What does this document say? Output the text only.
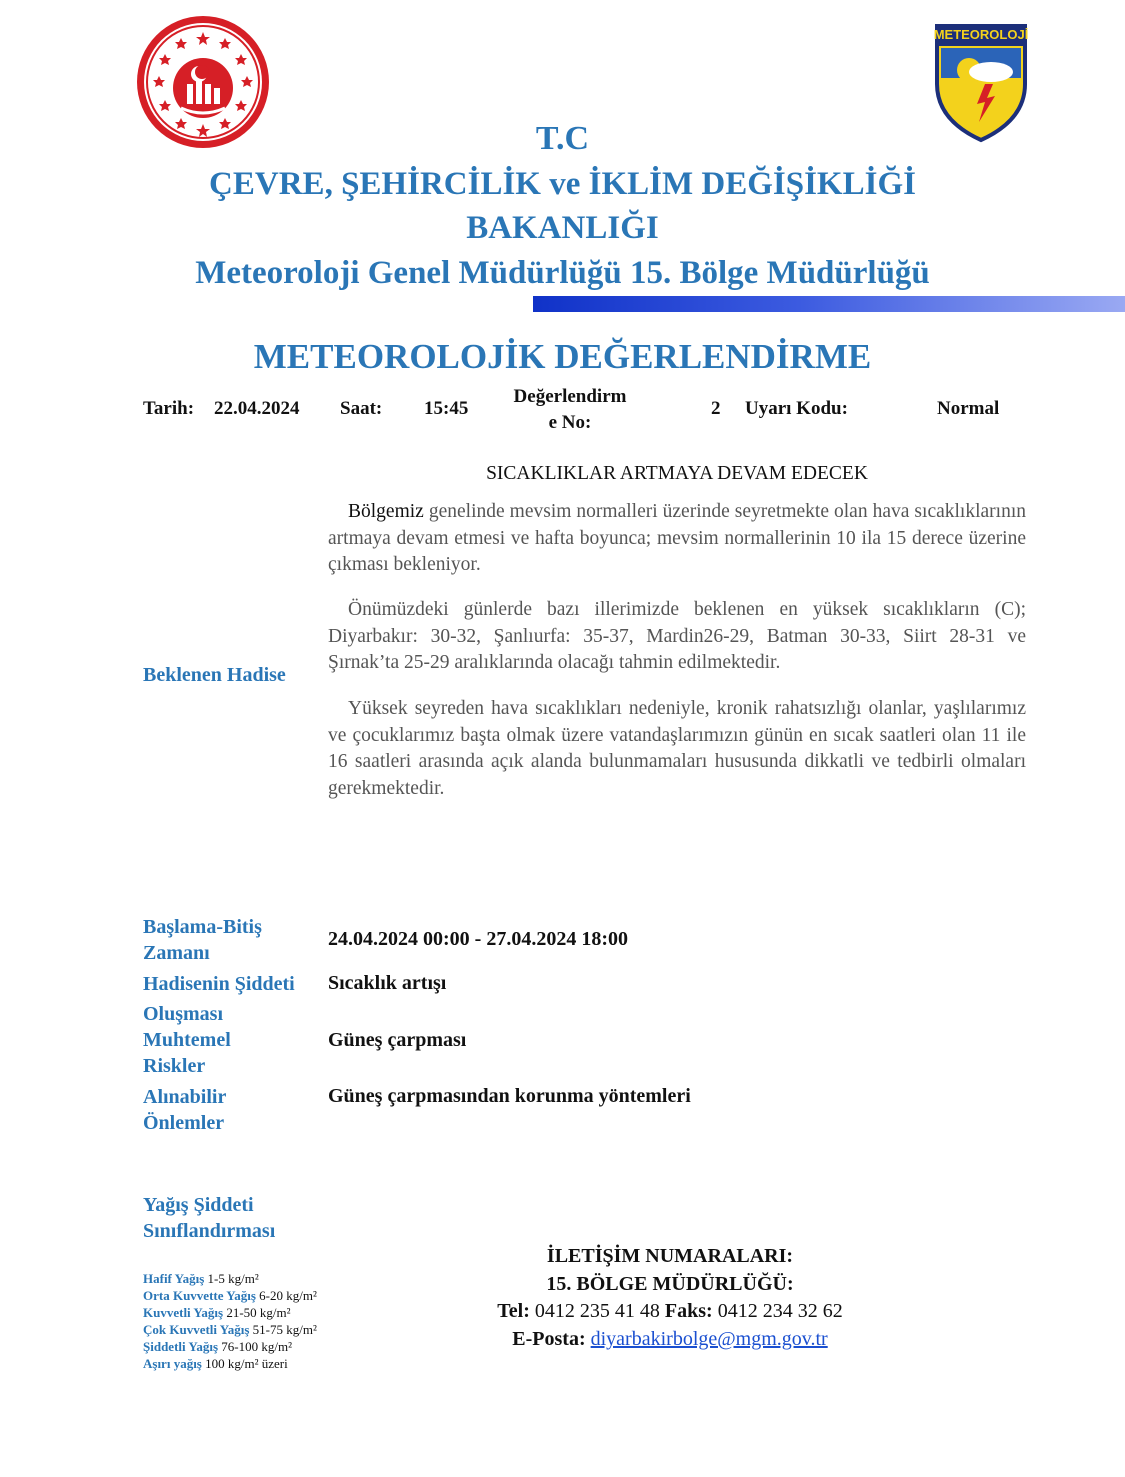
METEOROLOJİ
T.C
ÇEVRE, ŞEHİRCİLİK ve İKLİM DEĞİŞİKLİĞİ
BAKANLIĞI
Meteoroloji Genel Müdürlüğü 15. Bölge Müdürlüğü
METEOROLOJİK DEĞERLENDİRME
Tarih: 22.04.2024 Saat: 15:45
Değerlendirm
e No:
2 Uyarı Kodu:	Normal
SICAKLIKLAR ARTMAYA DEVAM EDECEK

Bölgemiz genelinde mevsim normalleri üzerinde seyretmekte olan hava sıcaklıklarının artmaya devam etmesi ve hafta boyunca; mevsim normallerinin 10 ila 15 derece üzerine çıkması bekleniyor.

Önümüzdeki günlerde bazı illerimizde beklenen en yüksek sıcaklıkların (C); Diyarbakır: 30-32, Şanlıurfa: 35-37, Mardin26-29, Batman 30-33, Siirt 28-31 ve Şırnak’ta 25-29 aralıklarında olacağı tahmin edilmektedir.

Yüksek seyreden hava sıcaklıkları nedeniyle, kronik rahatsızlığı olanlar, yaşlılarımız ve çocuklarımız başta olmak üzere vatandaşlarımızın günün en sıcak saatleri olan 11 ile 16 saatleri arasında açık alanda bulunmamaları hususunda dikkatli ve tedbirli olmaları gerekmektedir.

Beklenen Hadise
Başlama-Bitiş
Zamanı
24.04.2024 00:00 - 27.04.2024 18:00
Hadisenin Şiddeti Sıcaklık artışı
Oluşması
Muhtemel
Riskler
Güneş çarpması
Alınabilir
Önlemler
Güneş çarpmasından korunma yöntemleri
Yağış Şiddeti
Sınıflandırması
Hafif Yağış 1-5 kg/m²
Orta Kuvvette Yağış 6-20 kg/m²
Kuvvetli Yağış 21-50 kg/m²
Çok Kuvvetli Yağış 51-75 kg/m²
Şiddetli Yağış 76-100 kg/m²
Aşırı yağış 100 kg/m² üzeri
İLETİŞİM NUMARALARI:
15. BÖLGE MÜDÜRLÜĞÜ:
Tel: 0412 235 41 48 Faks: 0412 234 32 62
E-Posta: diyarbakirbolge@mgm.gov.tr
